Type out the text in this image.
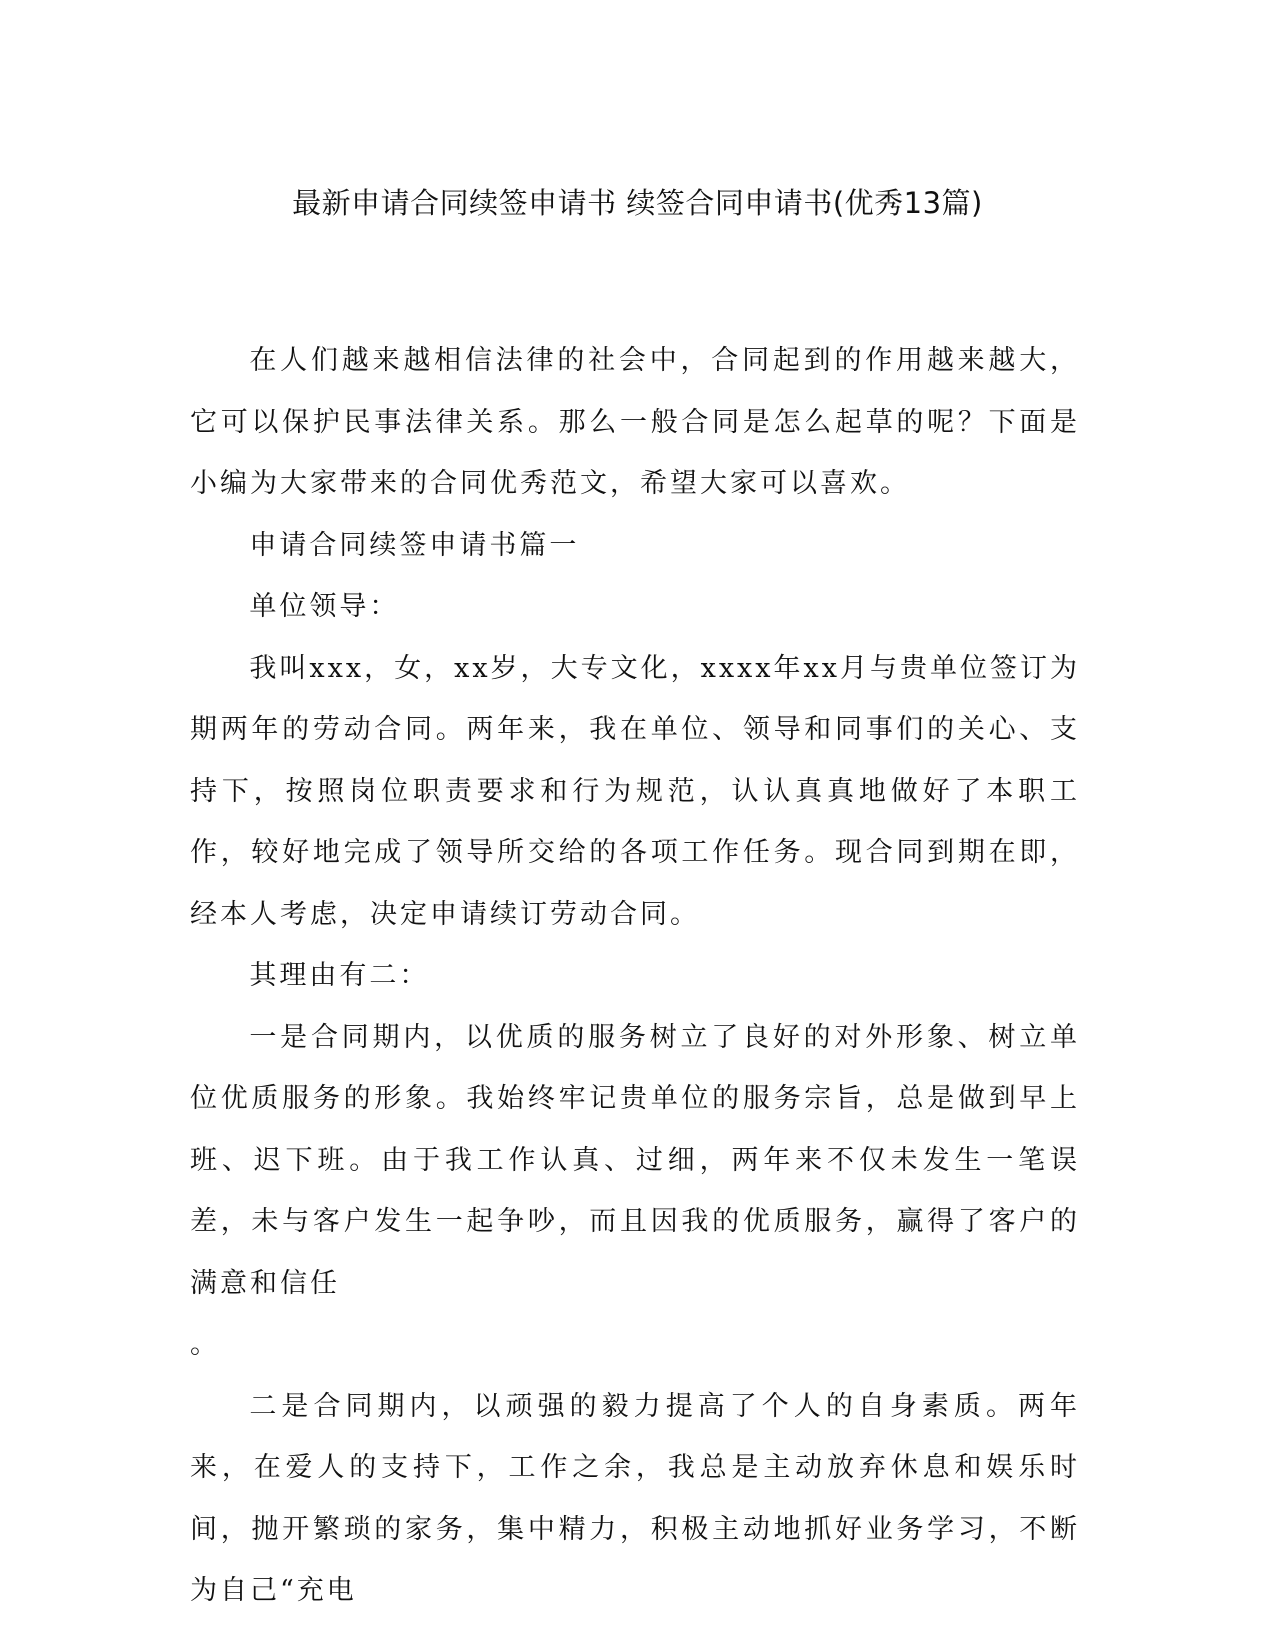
最新申请合同续签申请书 续签合同申请书(优秀13篇)

在人们越来越相信法律的社会中，合同起到的作用越来越大，它可以保护民事法律关系。那么一般合同是怎么起草的呢？下面是小编为大家带来的合同优秀范文，希望大家可以喜欢。

申请合同续签申请书篇一

单位领导：

我叫xxx，女，xx岁，大专文化，xxxx年xx月与贵单位签订为期两年的劳动合同。两年来，我在单位、领导和同事们的关心、支持下，按照岗位职责要求和行为规范，认认真真地做好了本职工作，较好地完成了领导所交给的各项工作任务。现合同到期在即，经本人考虑，决定申请续订劳动合同。

其理由有二：

一是合同期内，以优质的服务树立了良好的对外形象、树立单位优质服务的形象。我始终牢记贵单位的服务宗旨，总是做到早上班、迟下班。由于我工作认真、过细，两年来不仅未发生一笔误差，未与客户发生一起争吵，而且因我的优质服务，赢得了客户的满意和信任

。

二是合同期内，以顽强的毅力提高了个人的自身素质。两年来，在爱人的支持下，工作之余，我总是主动放弃休息和娱乐时间，抛开繁琐的家务，集中精力，积极主动地抓好业务学习，不断为自己“充电
